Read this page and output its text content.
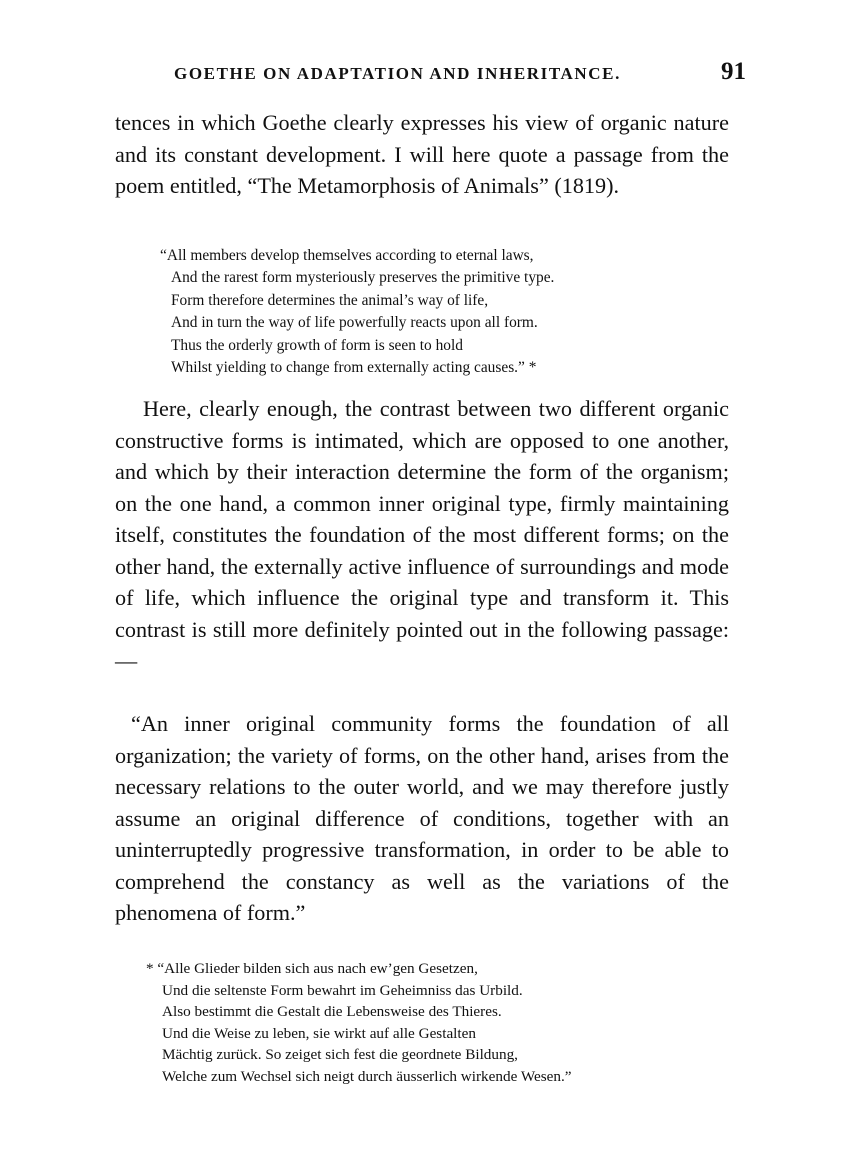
GOETHE ON ADAPTATION AND INHERITANCE.	91

tences in which Goethe clearly expresses his view of organic nature and its constant development. I will here quote a passage from the poem entitled, “The Metamorphosis of Animals” (1819).

“All members develop themselves according to eternal laws,
And the rarest form mysteriously preserves the primitive type.
Form therefore determines the animal’s way of life,
And in turn the way of life powerfully reacts upon all form.
Thus the orderly growth of form is seen to hold
Whilst yielding to change from externally acting causes.” *

Here, clearly enough, the contrast between two different organic constructive forms is intimated, which are opposed to one another, and which by their interaction determine the form of the organism; on the one hand, a common inner original type, firmly maintaining itself, constitutes the foundation of the most different forms; on the other hand, the externally active influence of surroundings and mode of life, which influence the original type and transform it. This contrast is still more definitely pointed out in the following passage:—

“An inner original community forms the foundation of all organization; the variety of forms, on the other hand, arises from the necessary relations to the outer world, and we may therefore justly assume an original difference of conditions, together with an uninterruptedly progressive transformation, in order to be able to comprehend the constancy as well as the variations of the phenomena of form.”

* “Alle Glieder bilden sich aus nach ew’gen Gesetzen,
Und die seltenste Form bewahrt im Geheimniss das Urbild.
Also bestimmt die Gestalt die Lebensweise des Thieres.
Und die Weise zu leben, sie wirkt auf alle Gestalten
Mächtig zurück. So zeiget sich fest die geordnete Bildung,
Welche zum Wechsel sich neigt durch äusserlich wirkende Wesen.”
